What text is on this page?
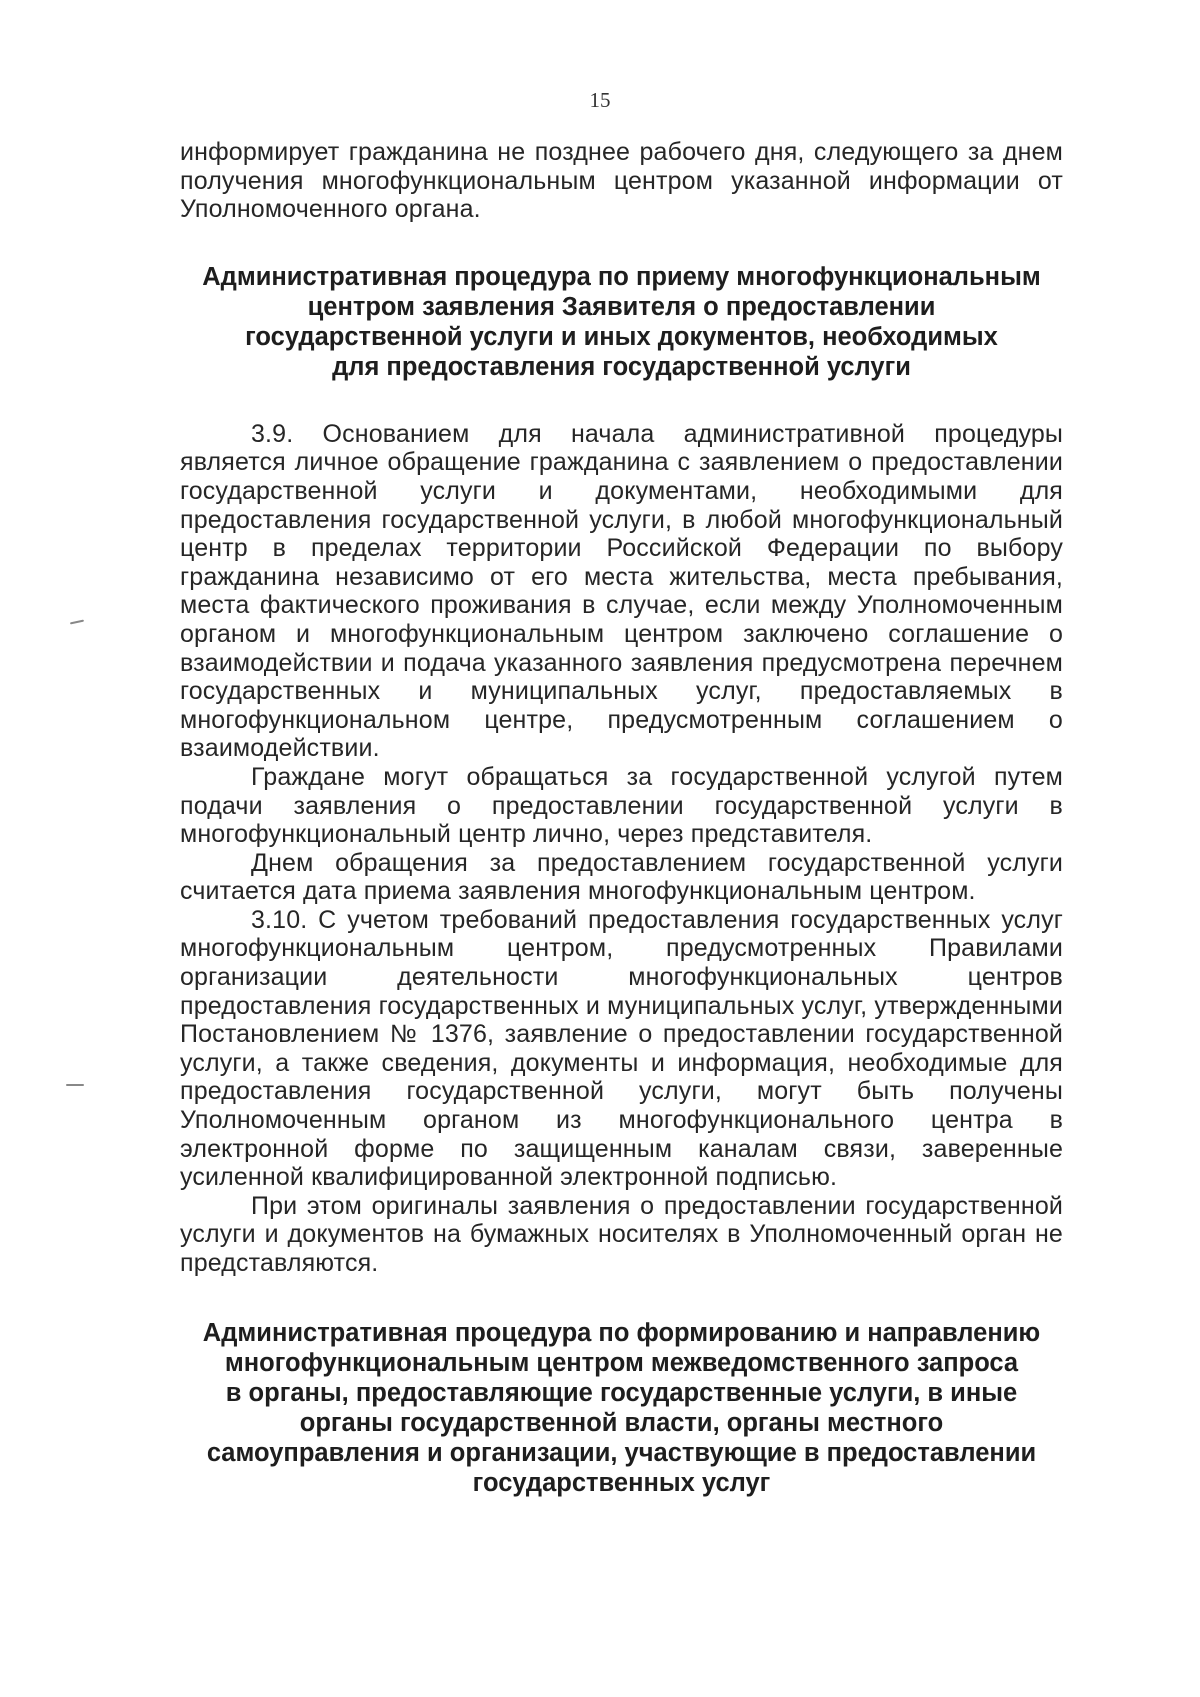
15

информирует гражданина не позднее рабочего дня, следующего за днем получения многофункциональным центром указанной информации от Уполномоченного органа.

Административная процедура по приему многофункциональным
центром заявления Заявителя о предоставлении
государственной услуги и иных документов, необходимых
для предоставления государственной услуги

3.9. Основанием для начала административной процедуры является личное обращение гражданина с заявлением о предоставлении государственной услуги и документами, необходимыми для предоставления государственной услуги, в любой многофункциональный центр в пределах территории Российской Федерации по выбору гражданина независимо от его места жительства, места пребывания, места фактического проживания в случае, если между Уполномоченным органом и многофункциональным центром заключено соглашение о взаимодействии и подача указанного заявления предусмотрена перечнем государственных и муниципальных услуг, предоставляемых в многофункциональном центре, предусмотренным соглашением о взаимодействии.

Граждане могут обращаться за государственной услугой путем подачи заявления о предоставлении государственной услуги в многофункциональный центр лично, через представителя.

Днем обращения за предоставлением государственной услуги считается дата приема заявления многофункциональным центром.

3.10. С учетом требований предоставления государственных услуг многофункциональным центром, предусмотренных Правилами организации деятельности многофункциональных центров предоставления государственных и муниципальных услуг, утвержденными Постановлением № 1376, заявление о предоставлении государственной услуги, а также сведения, документы и информация, необходимые для предоставления государственной услуги, могут быть получены Уполномоченным органом из многофункционального центра в электронной форме по защищенным каналам связи, заверенные усиленной квалифицированной электронной подписью.

При этом оригиналы заявления о предоставлении государственной услуги и документов на бумажных носителях в Уполномоченный орган не представляются.

Административная процедура по формированию и направлению
многофункциональным центром межведомственного запроса
в органы, предоставляющие государственные услуги, в иные
органы государственной власти, органы местного
самоуправления и организации, участвующие в предоставлении
государственных услуг
